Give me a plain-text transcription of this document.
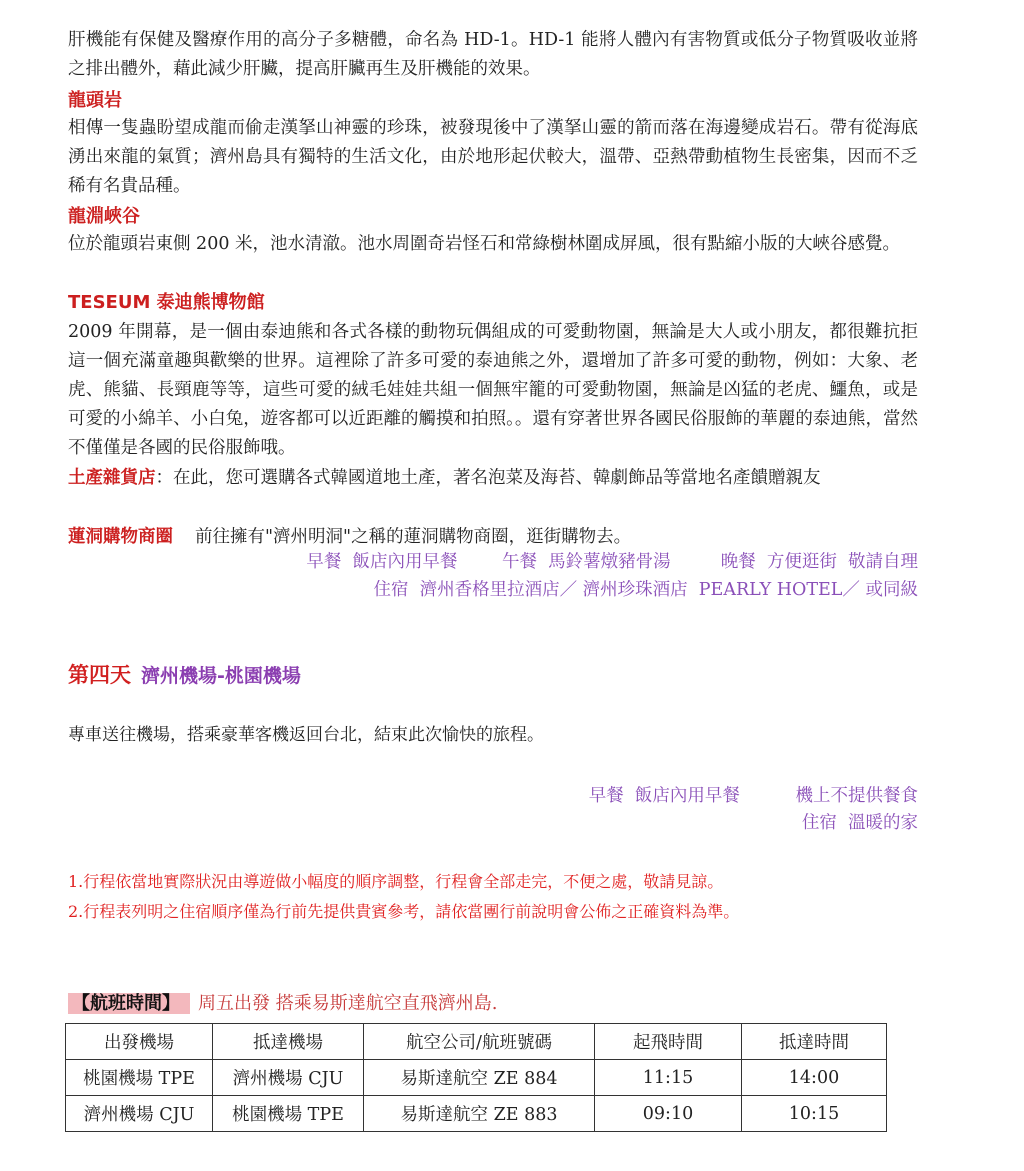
肝機能有保健及醫療作用的高分子多糖體，命名為 HD-1。HD-1 能將人體內有害物質或低分子物質吸收並將之排出體外，藉此減少肝臟，提高肝臟再生及肝機能的效果。

龍頭岩

相傳一隻蟲盼望成龍而偷走漢拏山神靈的珍珠，被發現後中了漢拏山靈的箭而落在海邊變成岩石。帶有從海底湧出來龍的氣質；濟州島具有獨特的生活文化，由於地形起伏較大，溫帶、亞熱帶動植物生長密集，因而不乏稀有名貴品種。

龍淵峽谷

位於龍頭岩東側 200 米，池水清澈。池水周圍奇岩怪石和常綠樹林圍成屏風，很有點縮小版的大峽谷感覺。

TESEUM 泰迪熊博物館

2009 年開幕，是一個由泰迪熊和各式各樣的動物玩偶組成的可愛動物園，無論是大人或小朋友，都很難抗拒這一個充滿童趣與歡樂的世界。這裡除了許多可愛的泰迪熊之外，還增加了許多可愛的動物，例如：大象、老虎、熊貓、長頸鹿等等，這些可愛的絨毛娃娃共組一個無牢籠的可愛動物園，無論是凶猛的老虎、鱷魚，或是可愛的小綿羊、小白兔，遊客都可以近距離的觸摸和拍照。。還有穿著世界各國民俗服飾的華麗的泰迪熊，當然不僅僅是各國的民俗服飾哦。

土產雜貨店：在此，您可選購各式韓國道地土產，著名泡菜及海苔、韓劇飾品等當地名產饋贈親友

蓮洞購物商圈 前往擁有"濟州明洞"之稱的蓮洞購物商圈，逛街購物去。

早餐  飯店內用早餐        午餐  馬鈴薯燉豬骨湯         晚餐  方便逛街  敬請自理
住宿  濟州香格里拉酒店／ 濟州珍珠酒店  PEARLY HOTEL／ 或同級
第四天 濟州機場-桃園機場

專車送往機場，搭乘豪華客機返回台北，結束此次愉快的旅程。

早餐  飯店內用早餐          機上不提供餐食
住宿  溫暖的家
1.行程依當地實際狀況由導遊做小幅度的順序調整，行程會全部走完，不便之處，敬請見諒。
2.行程表列明之住宿順序僅為行前先提供貴賓參考，請依當團行前說明會公佈之正確資料為準。
【航班時間】 周五出發 搭乘易斯達航空直飛濟州島.
出發機場	抵達機場	航空公司/航班號碼	起飛時間	抵達時間
桃園機場 TPE	濟州機場 CJU	易斯達航空 ZE 884	11:15	14:00
濟州機場 CJU	桃園機場 TPE	易斯達航空 ZE 883	09:10	10:15
